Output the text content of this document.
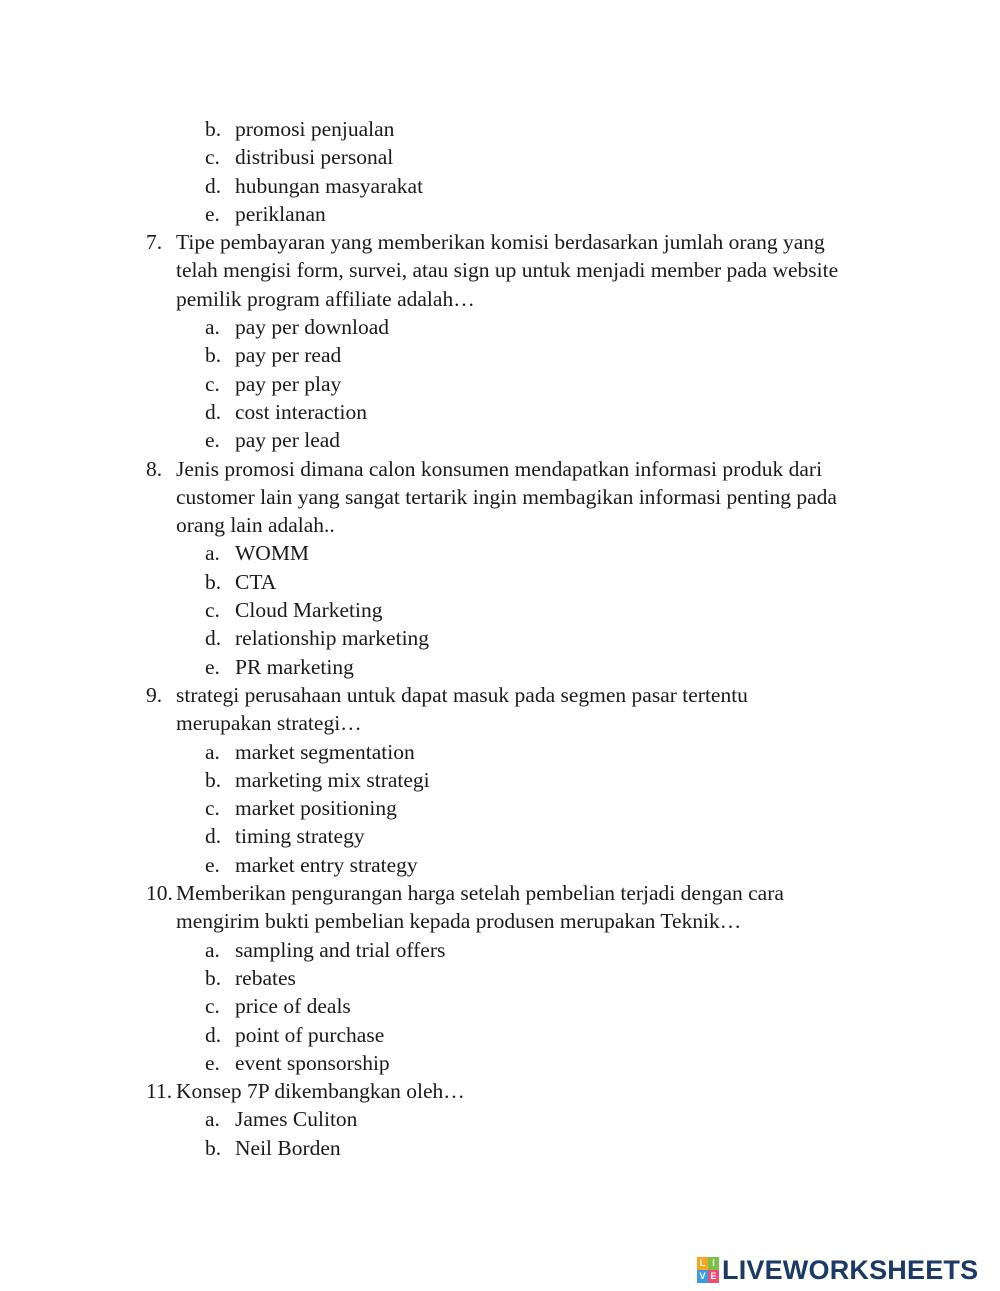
b. promosi penjualan
c. distribusi personal
d. hubungan masyarakat
e. periklanan
7. Tipe pembayaran yang memberikan komisi berdasarkan jumlah orang yang
telah mengisi form, survei, atau sign up untuk menjadi member pada website
pemilik program affiliate adalah…
a. pay per download
b. pay per read
c. pay per play
d. cost interaction
e. pay per lead
8. Jenis promosi dimana calon konsumen mendapatkan informasi produk dari
customer lain yang sangat tertarik ingin membagikan informasi penting pada
orang lain adalah..
a. WOMM
b. CTA
c. Cloud Marketing
d. relationship marketing
e. PR marketing
9. strategi perusahaan untuk dapat masuk pada segmen pasar tertentu
merupakan strategi…
a. market segmentation
b. marketing mix strategi
c. market positioning
d. timing strategy
e. market entry strategy
10. Memberikan pengurangan harga setelah pembelian terjadi dengan cara
mengirim bukti pembelian kepada produsen merupakan Teknik…
a. sampling and trial offers
b. rebates
c. price of deals
d. point of purchase
e. event sponsorship
11. Konsep 7P dikembangkan oleh…
a. James Culiton
b. Neil Borden
L I
V E LIVEWORKSHEETS
